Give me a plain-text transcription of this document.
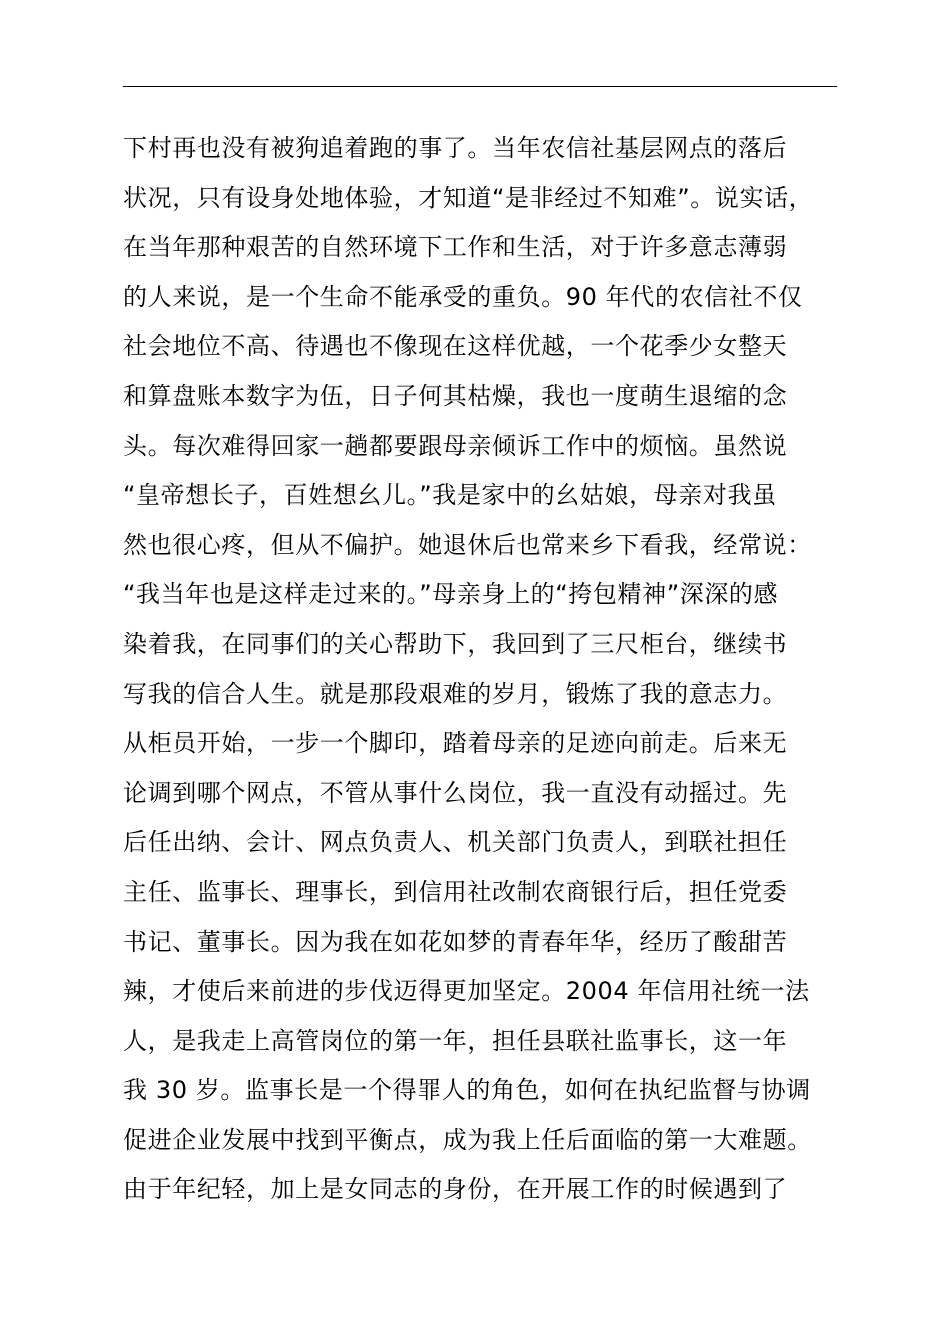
下村再也没有被狗追着跑的事了。当年农信社基层网点的落后
状况，只有设身处地体验，才知道“是非经过不知难”。说实话，
在当年那种艰苦的自然环境下工作和生活，对于许多意志薄弱
的人来说，是一个生命不能承受的重负。90 年代的农信社不仅
社会地位不高、待遇也不像现在这样优越，一个花季少女整天
和算盘账本数字为伍，日子何其枯燥，我也一度萌生退缩的念
头。每次难得回家一趟都要跟母亲倾诉工作中的烦恼。虽然说
“皇帝想长子，百姓想幺儿。”我是家中的幺姑娘，母亲对我虽
然也很心疼，但从不偏护。她退休后也常来乡下看我，经常说：
“我当年也是这样走过来的。”母亲身上的“挎包精神”深深的感
染着我，在同事们的关心帮助下，我回到了三尺柜台，继续书
写我的信合人生。就是那段艰难的岁月，锻炼了我的意志力。
从柜员开始，一步一个脚印，踏着母亲的足迹向前走。后来无
论调到哪个网点，不管从事什么岗位，我一直没有动摇过。先
后任出纳、会计、网点负责人、机关部门负责人，到联社担任
主任、监事长、理事长，到信用社改制农商银行后，担任党委
书记、董事长。因为我在如花如梦的青春年华，经历了酸甜苦
辣，才使后来前进的步伐迈得更加坚定。2004 年信用社统一法
人，是我走上高管岗位的第一年，担任县联社监事长，这一年
我 30 岁。监事长是一个得罪人的角色，如何在执纪监督与协调
促进企业发展中找到平衡点，成为我上任后面临的第一大难题。
由于年纪轻，加上是女同志的身份，在开展工作的时候遇到了
